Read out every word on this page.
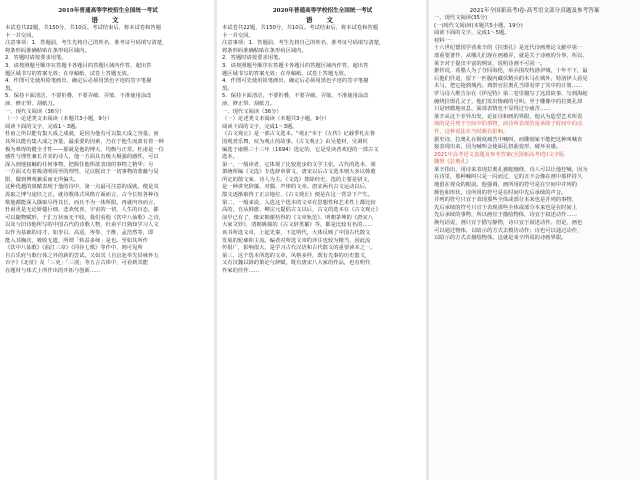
2019年普通高等学校招生全国统一考试
语 文

本试卷共22题，共150分，共10页。考试结束后，将本试卷和答题

卡一并交回。

注意事项：1．答题前，考生先将自己的姓名、准考证号码填写清楚，

将条形码准确粘贴在条形码区域内。

2．答题时请按要求用笔。

3．请按照题号顺序在答题卡各题目的答题区域内作答，超出答

题区域书写的答案无效；在草稿纸、试卷上答题无效。

4．作图可先使用铅笔画出，确定后必须用黑色字迹的签字笔描

黑。

5．保持卡面清洁，不要折叠，不要弄破、弄皱，不准使用涂改

液、修正带、刮纸刀。

一、现代文阅读（36分）

（一）论述类文本阅读（本题共3小题，9分）

阅读下面的文字，完成1～3题。

杜甫之所以能有集大成之成就，是因为他有可以集大成之容量。而

其所以能有集大成之容量，最重要的因素，乃在于他生而禀有着一种

极为难得的健全才性——那就是他的博大、均衡与正常。杜甫是一位

感性与理性兼长并美的诗人，他一方面具有极大极强的感性，可以

深入到他接触的任何事物，把握住他所欲表现的事物之精华；另

一方面又有着极清明周至的理性，足以脱出于一切事物的蒙蔽与局

限，做到博观兼采而无所偏失。

这种优越的禀赋表现于他的诗中，第一点最可注意的成就，便是其

汲取之博与途径之正。就诗歌体式风格方面而言，古今长短各种诗

歌他都能深入撷取尽得其长，而且不为一体所限。再就内容而言，

杜甫更是无论妍媸巨细，悲欢忧喜，宇宙的一切，人生的百态，都

可以随物赋形，千汇万状而无不收。我们看他《饮中八仙歌》之诗，

以及与旧诗他所写的中国古代的诗歌人物，杜甫平日熟知学习人文

以作为基础的诗才，如李白、高适、岑参、王维、孟浩然等，即

能入其胸次，吸收无遗，所谓「转益多师」是也。至如其所作

《饮中八仙歌》《曲江三章》《同谷七歌》等作中，则可见所

自古乐府与歌行体之外的新的尝试。又如其《自京赴奉先县咏怀五

百字》《北征》及「三吏」「三别」等五言古体中，可看到其能

在题材与体式上所作出的开拓与创新……

2020年普通高等学校招生全国统一考试
语 文

本试卷共22题，共150分，共10页。考试结束后，将本试卷和答题

卡一并交回。

注意事项：1．答题前，考生先将自己的姓名、准考证号码填写清楚，

将条形码准确粘贴在条形码区域内。

2．答题时请按要求用笔。

3．请按照题号顺序在答题卡各题目的答题区域内作答，超出答

题区域书写的答案无效；在草稿纸、试卷上答题无效。

4．作图可先使用铅笔画出，确定后必须用黑色字迹的签字笔描

黑。

5．保持卡面清洁，不要折叠，不要弄破、弄皱，不准使用涂改

液、修正带、刮纸刀。

一、现代文阅读（36分）

（一）论述类文本阅读（本题共3小题，9分）

阅读下面的文字，完成1～3题。

《古文观止》是一部古文选本。"观止"本于《左传》记载季札在鲁

国观赏乐舞，叹为观止的故事。《古文观止》由吴楚材、吴调侯

编选于康熙三十三年（1694）选定的，它是受读者欢迎的一部古文

选本。

第一，一般读者，它体现了比较进步的文学主张。古代的选本，梁

萧统所编《文选》专选辞章骈文，唐宋以后古文选本则大多以韩愈

所定的散文家、诗人为主。《文选》排除经史，选的主要是骈文，

是一种讲究辞藻、对偶、声律的文章。唐宋两代古文运动以后，

散文逐渐取得了正宗地位，《古文观止》便是在这一背景下产生。

第二，一般来说，入选这个选本的文章在思想性和艺术性上都比较

高的，自从韩愈、柳宗元提倡古文以后，古文的选本在《古文观止》

前早已有了，像宋朝谢枋得的《文章轨范》、明朝茅坤的《唐宋八

大家文钞》，清朝姚鼐的《古文辞类纂》等，都是比较有名的……

该书所选文章，上起先秦，下迄明代，大体反映了中国古代散文

发展的轮廓和主流。编者对所选文章的评注也较为精当，因此流

传很广，影响很大，是学习古代汉语和古代散文的重要读本之一。

第三，这个选本所选的文章，风格多样，既有先秦的历史散文，

又有汉魏以降的策论与辞赋，既有唐宋八大家的作品，也有明代

作家的佳作……

2021年全国新高考I卷-高考语文部分真题及参考答案

一、现代文阅读(35分)

(一)现代文阅读Ⅰ(本题共5小题，19分)

阅读下面的文字，完成1～5题。

材料一：

十八世纪德国学者莱辛的《拉奥孔》是近代诗画理论文献中第一

部重要著作，从哪儿们现在画被弄，就是关于诗画的分界，所以，

莱辛对于提出丰富的例证，说明诗画不可同一。

据传说，希腊人为了夺回海伦，举兵围攻特洛伊城，十年不下，最

后他们佯退，留下一匹腹内藏伏精兵的木马在城外，特洛伊人看见

木马，把它拖到城内。典祭官拉奥孔当即看穿了其中的计策……

罗马诗人维吉尔在《伊尼特》第二卷里描写了这段故事，写到海蛇

缠绕拉奥孔父子，他们发出惨痛的号叫。至于雕像中的拉奥孔却

只是轻微地叹息，面部表情也不显得过分痛苦……

莱辛从这个差异出发，论证诗和画的界限，他认为造型艺术所表

现的是并列于空间中的事物，而诗所表现的是承续于时间中的动

作，这种说法在当时颇有影响。

据史诗，拉奥孔在极度痛苦中喊叫，而雕刻家不能把这种叫喊直

接表现出来，因为喊叫会使面孔扭曲变形，破坏美感。

2021年高考语文真题及参考答案(全国新高考Ⅰ卷)文字版

雕塑《拉奥孔》

莱辛指出，用诗来表现拉奥孔被蛇缠绕，诗人可以让他狂喊，因为

在诗里，那种喊叫只是一闪而过，它的丑不会像在画中那样持久

地留在观众的眼前。他强调，画所用的符号是在空间中并列的

颜色和形状，诗所用的符号是在时间中先后承续的声音。

并列的符号只宜于表现那些全体或部分本来也是并列的事物，

先后承续的符号只宜于表现那些全体或部分本来也是在时间上

先后承续的事物，所以画宜于描绘物体，诗宜于叙述动作……

换句话说，画只宜于描写静物，诗只宜于叙述动作。但是，画也

可以通过物体，以暗示的方式去模仿动作；诗也可以通过动作，

以暗示的方式去描绘物体。这就是莱辛所说的诗画界限。
